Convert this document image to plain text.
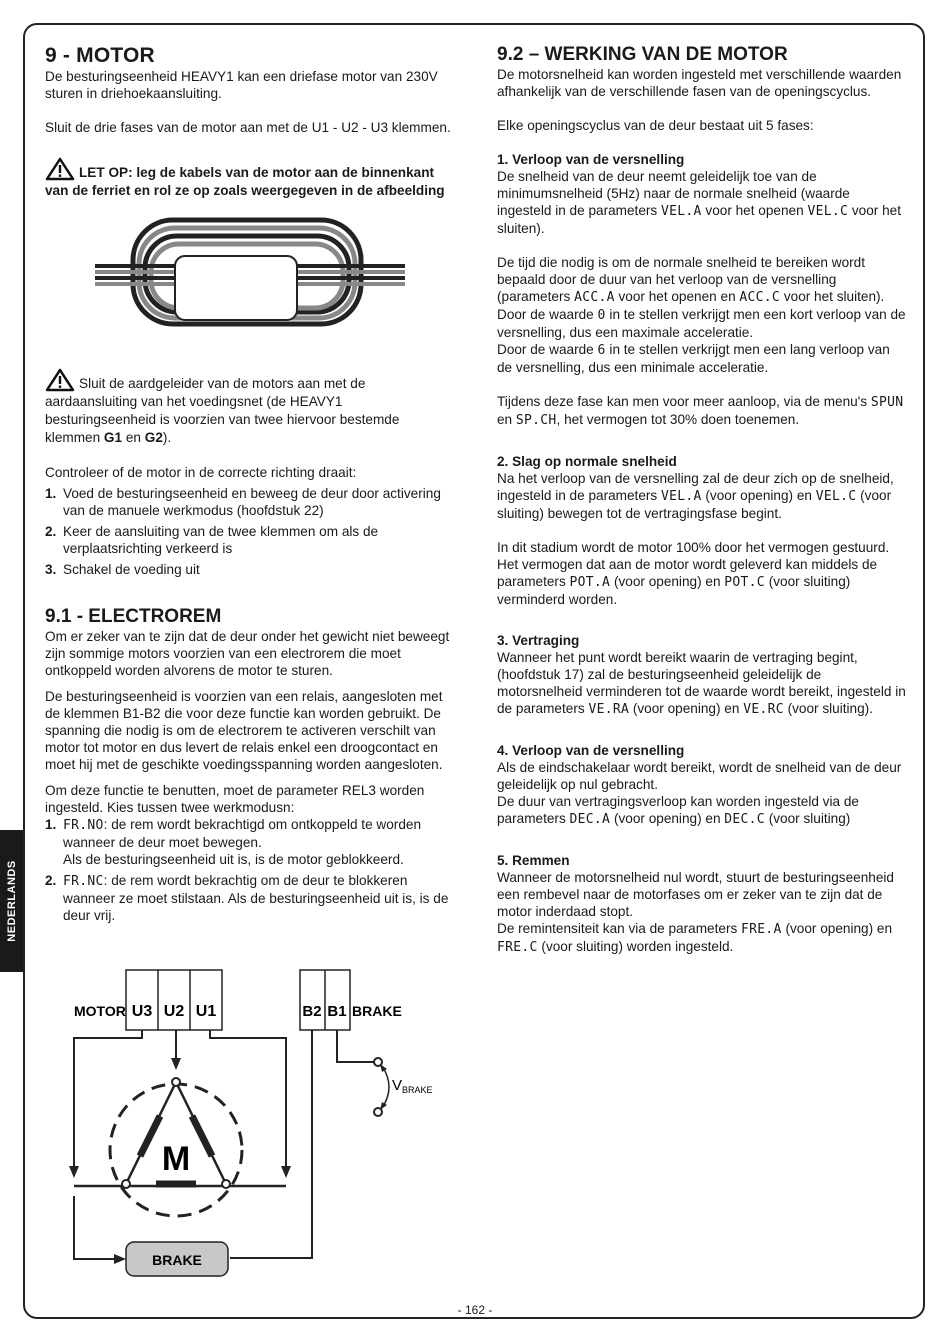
NEDERLANDS
9 - MOTOR

De besturingseenheid HEAVY1 kan een driefase motor van 230V sturen in driehoekaansluiting.

Sluit de drie fases van de motor aan met de U1 - U2 - U3 klemmen.

LET OP: leg de kabels van de motor aan de binnenkant van de ferriet en rol ze op zoals weergegeven in de afbeelding
Sluit de aardgeleider van de motors aan met de aardaansluiting van het voedingsnet (de HEAVY1 besturingseenheid is voorzien van twee hiervoor bestemde klemmen G1 en G2).

Controleer of de motor in de correcte richting draait:

1. Voed de besturingseenheid en beweeg de deur door activering van de manuele werkmodus (hoofdstuk 22)
2. Keer de aansluiting van de twee klemmen om als de verplaatsrichting verkeerd is
3. Schakel de voeding uit
9.1 - ELECTROREM

Om er zeker van te zijn dat de deur onder het gewicht niet beweegt zijn sommige motors voorzien van een electrorem die moet ontkoppeld worden alvorens de motor te sturen.

De besturingseenheid is voorzien van een relais, aangesloten met de klemmen B1-B2 die voor deze functie kan worden gebruikt. De spanning die nodig is om de electrorem te activeren verschilt van motor tot motor en dus levert de relais enkel een droogcontact en moet hij met de geschikte voedingsspanning worden aangesloten.

Om deze functie te benutten, moet de parameter REL3 worden ingesteld. Kies tussen twee werkmodusn:

1. FR.NO: de rem wordt bekrachtigd om ontkoppeld te worden wanneer de deur moet bewegen.
Als de besturingseenheid uit is, is de motor geblokkeerd.
2. FR.NC: de rem wordt bekrachtig om de deur te blokkeren wanneer ze moet stilstaan. Als de besturingseenheid uit is, is de deur vrij.
MOTOR U3 U2 U1	B2 B1 BRAKE
$V_{BRAKE}$
M
BRAKE
9.2 – WERKING VAN DE MOTOR

De motorsnelheid kan worden ingesteld met verschillende waarden afhankelijk van de verschillende fasen van de openingscyclus.

Elke openingscyclus van de deur bestaat uit 5 fases:

1. Verloop van de versnelling

De snelheid van de deur neemt geleidelijk toe van de minimumsnelheid (5Hz) naar de normale snelheid (waarde ingesteld in de parameters VEL.A voor het openen VEL.C voor het sluiten).

De tijd die nodig is om de normale snelheid te bereiken wordt bepaald door de duur van het verloop van de versnelling (parameters ACC.A voor het openen en ACC.C voor het sluiten).

Door de waarde 0 in te stellen verkrijgt men een kort verloop van de versnelling, dus een maximale acceleratie.

Door de waarde 6 in te stellen verkrijgt men een lang verloop van de versnelling, dus een minimale acceleratie.

Tijdens deze fase kan men voor meer aanloop, via de menu's SPUN en SP.CH, het vermogen tot 30% doen toenemen.

2. Slag op normale snelheid

Na het verloop van de versnelling zal de deur zich op de snelheid, ingesteld in de parameters VEL.A (voor opening) en VEL.C (voor sluiting) bewegen tot de vertragingsfase begint.

In dit stadium wordt de motor 100% door het vermogen gestuurd.

Het vermogen dat aan de motor wordt geleverd kan middels de parameters POT.A (voor opening) en POT.C (voor sluiting) verminderd worden.

3. Vertraging

Wanneer het punt wordt bereikt waarin de vertraging begint, (hoofdstuk 17) zal de besturingseenheid geleidelijk de motorsnelheid verminderen tot de waarde wordt bereikt, ingesteld in de parameters VE.RA (voor opening) en VE.RC (voor sluiting).

4. Verloop van de versnelling

Als de eindschakelaar wordt bereikt, wordt de snelheid van de deur geleidelijk op nul gebracht.

De duur van vertragingsverloop kan worden ingesteld via de parameters DEC.A (voor opening) en DEC.C (voor sluiting)

5. Remmen

Wanneer de motorsnelheid nul wordt, stuurt de besturingseenheid een rembevel naar de motorfases om er zeker van te zijn dat de motor inderdaad stopt.

De remintensiteit kan via de parameters FRE.A (voor opening) en FRE.C (voor sluiting) worden ingesteld.

- 162 -
